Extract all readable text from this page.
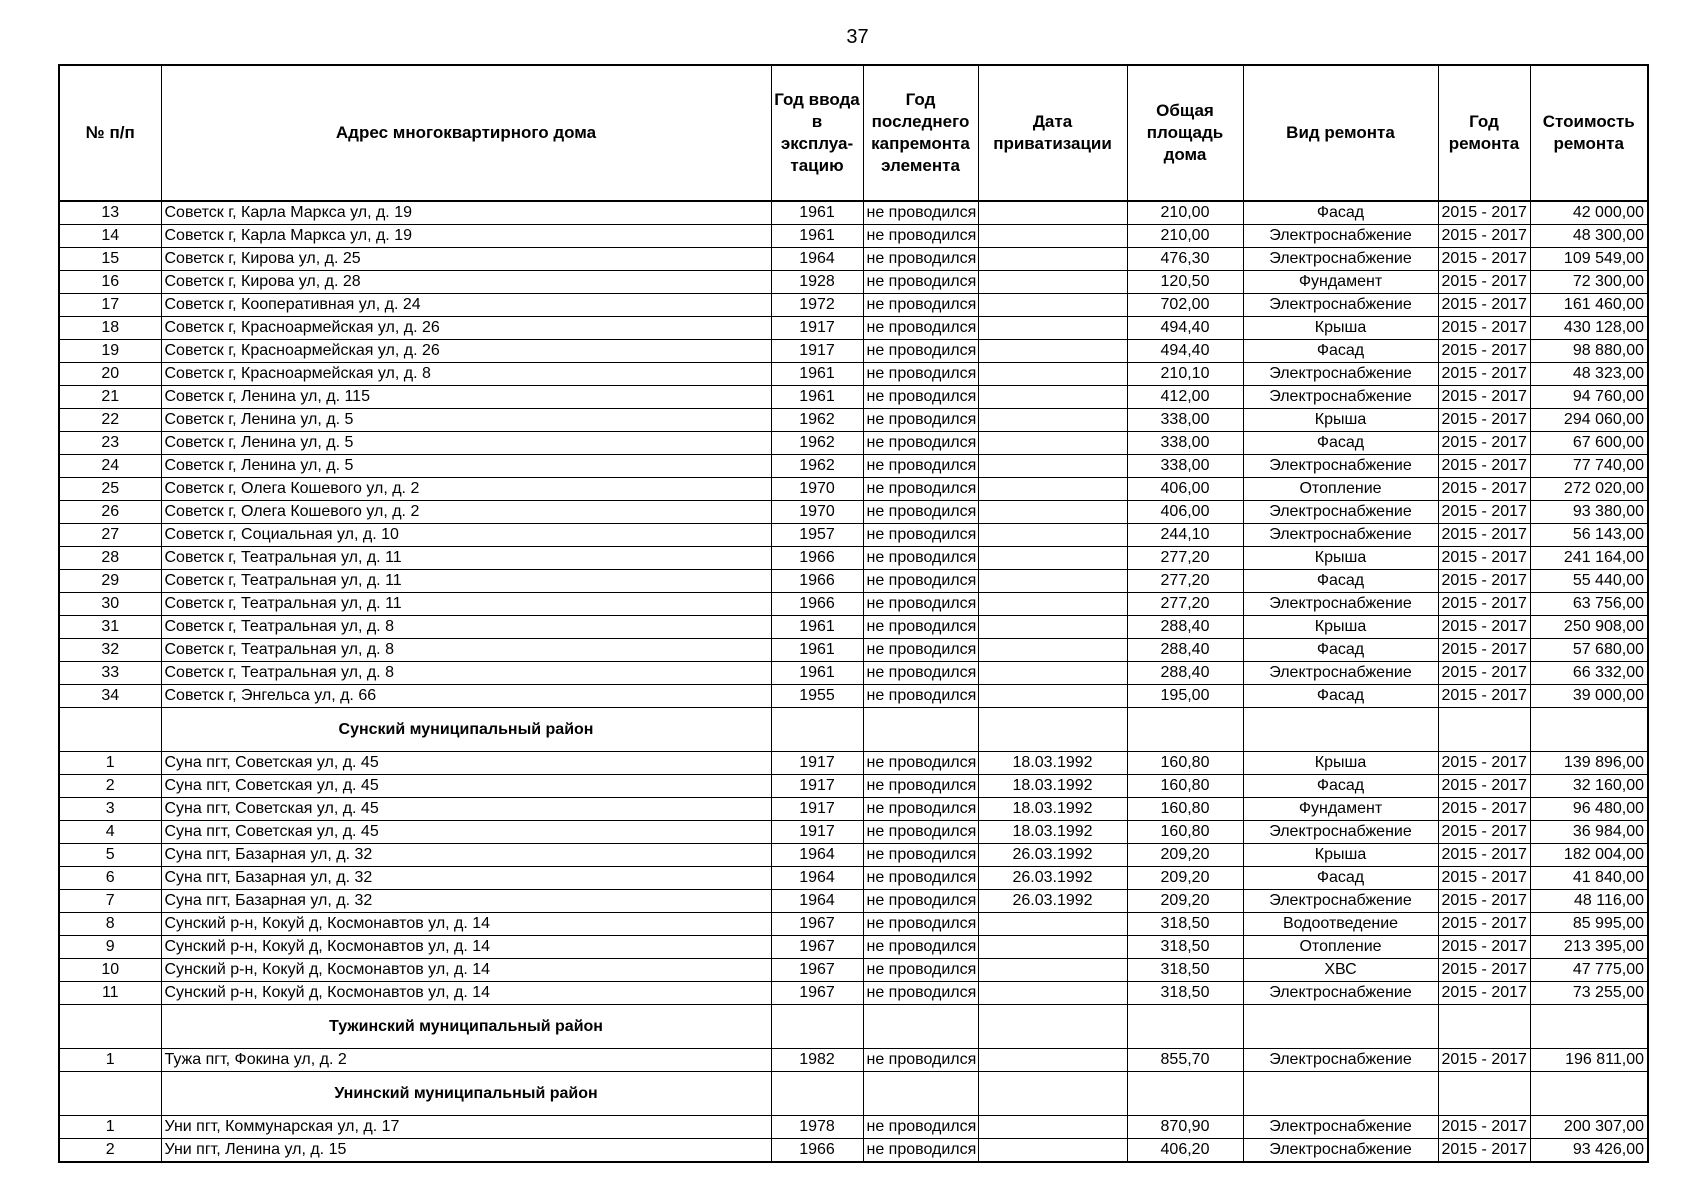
37
№ п/п	Адрес многоквартирного дома	Год ввода в эксплуа-тацию	Год последнего капремонта элемента	Дата приватизации	Общая площадь дома	Вид ремонта	Год ремонта	Стоимость ремонта
13	Советск г, Карла Маркса ул, д. 19	1961	не проводился		210,00	Фасад	2015 - 2017	42 000,00
14	Советск г, Карла Маркса ул, д. 19	1961	не проводился		210,00	Электроснабжение	2015 - 2017	48 300,00
15	Советск г, Кирова ул, д. 25	1964	не проводился		476,30	Электроснабжение	2015 - 2017	109 549,00
16	Советск г, Кирова ул, д. 28	1928	не проводился		120,50	Фундамент	2015 - 2017	72 300,00
17	Советск г, Кооперативная ул, д. 24	1972	не проводился		702,00	Электроснабжение	2015 - 2017	161 460,00
18	Советск г, Красноармейская ул, д. 26	1917	не проводился		494,40	Крыша	2015 - 2017	430 128,00
19	Советск г, Красноармейская ул, д. 26	1917	не проводился		494,40	Фасад	2015 - 2017	98 880,00
20	Советск г, Красноармейская ул, д. 8	1961	не проводился		210,10	Электроснабжение	2015 - 2017	48 323,00
21	Советск г, Ленина ул, д. 115	1961	не проводился		412,00	Электроснабжение	2015 - 2017	94 760,00
22	Советск г, Ленина ул, д. 5	1962	не проводился		338,00	Крыша	2015 - 2017	294 060,00
23	Советск г, Ленина ул, д. 5	1962	не проводился		338,00	Фасад	2015 - 2017	67 600,00
24	Советск г, Ленина ул, д. 5	1962	не проводился		338,00	Электроснабжение	2015 - 2017	77 740,00
25	Советск г, Олега Кошевого ул, д. 2	1970	не проводился		406,00	Отопление	2015 - 2017	272 020,00
26	Советск г, Олега Кошевого ул, д. 2	1970	не проводился		406,00	Электроснабжение	2015 - 2017	93 380,00
27	Советск г, Социальная ул, д. 10	1957	не проводился		244,10	Электроснабжение	2015 - 2017	56 143,00
28	Советск г, Театральная ул, д. 11	1966	не проводился		277,20	Крыша	2015 - 2017	241 164,00
29	Советск г, Театральная ул, д. 11	1966	не проводился		277,20	Фасад	2015 - 2017	55 440,00
30	Советск г, Театральная ул, д. 11	1966	не проводился		277,20	Электроснабжение	2015 - 2017	63 756,00
31	Советск г, Театральная ул, д. 8	1961	не проводился		288,40	Крыша	2015 - 2017	250 908,00
32	Советск г, Театральная ул, д. 8	1961	не проводился		288,40	Фасад	2015 - 2017	57 680,00
33	Советск г, Театральная ул, д. 8	1961	не проводился		288,40	Электроснабжение	2015 - 2017	66 332,00
34	Советск г, Энгельса ул, д. 66	1955	не проводился		195,00	Фасад	2015 - 2017	39 000,00
	Сунский муниципальный район							
1	Суна пгт, Советская ул, д. 45	1917	не проводился	18.03.1992	160,80	Крыша	2015 - 2017	139 896,00
2	Суна пгт, Советская ул, д. 45	1917	не проводился	18.03.1992	160,80	Фасад	2015 - 2017	32 160,00
3	Суна пгт, Советская ул, д. 45	1917	не проводился	18.03.1992	160,80	Фундамент	2015 - 2017	96 480,00
4	Суна пгт, Советская ул, д. 45	1917	не проводился	18.03.1992	160,80	Электроснабжение	2015 - 2017	36 984,00
5	Суна пгт, Базарная ул, д. 32	1964	не проводился	26.03.1992	209,20	Крыша	2015 - 2017	182 004,00
6	Суна пгт, Базарная ул, д. 32	1964	не проводился	26.03.1992	209,20	Фасад	2015 - 2017	41 840,00
7	Суна пгт, Базарная ул, д. 32	1964	не проводился	26.03.1992	209,20	Электроснабжение	2015 - 2017	48 116,00
8	Сунский р-н, Кокуй д, Космонавтов ул, д. 14	1967	не проводился		318,50	Водоотведение	2015 - 2017	85 995,00
9	Сунский р-н, Кокуй д, Космонавтов ул, д. 14	1967	не проводился		318,50	Отопление	2015 - 2017	213 395,00
10	Сунский р-н, Кокуй д, Космонавтов ул, д. 14	1967	не проводился		318,50	ХВС	2015 - 2017	47 775,00
11	Сунский р-н, Кокуй д, Космонавтов ул, д. 14	1967	не проводился		318,50	Электроснабжение	2015 - 2017	73 255,00
	Тужинский муниципальный район							
1	Тужа пгт, Фокина ул, д. 2	1982	не проводился		855,70	Электроснабжение	2015 - 2017	196 811,00
	Унинский муниципальный район							
1	Уни пгт, Коммунарская ул, д. 17	1978	не проводился		870,90	Электроснабжение	2015 - 2017	200 307,00
2	Уни пгт, Ленина ул, д. 15	1966	не проводился		406,20	Электроснабжение	2015 - 2017	93 426,00
